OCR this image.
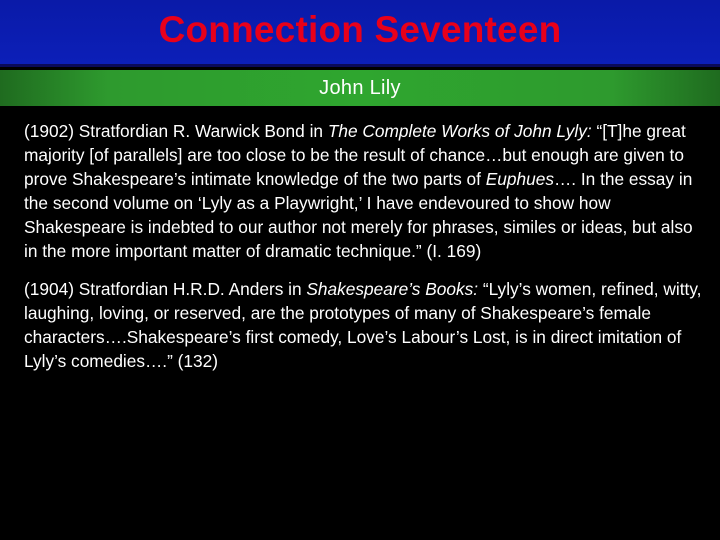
Connection Seventeen
John Lily

(1902) Stratfordian R. Warwick Bond in The Complete Works of John Lyly: “[T]he great majority [of parallels] are too close to be the result of chance…but enough are given to prove Shakespeare’s intimate knowledge of the two parts of Euphues…. In the essay in the second volume on ‘Lyly as a Playwright,’ I have endevoured to show how Shakespeare is indebted to our author not merely for phrases, similes or ideas, but also in the more important matter of dramatic technique.” (I. 169)

(1904) Stratfordian H.R.D. Anders in Shakespeare’s Books: “Lyly’s women, refined, witty, laughing, loving, or reserved, are the prototypes of many of Shakespeare’s female characters….Shakespeare’s first comedy, Love’s Labour’s Lost, is in direct imitation of Lyly’s comedies….” (132)
